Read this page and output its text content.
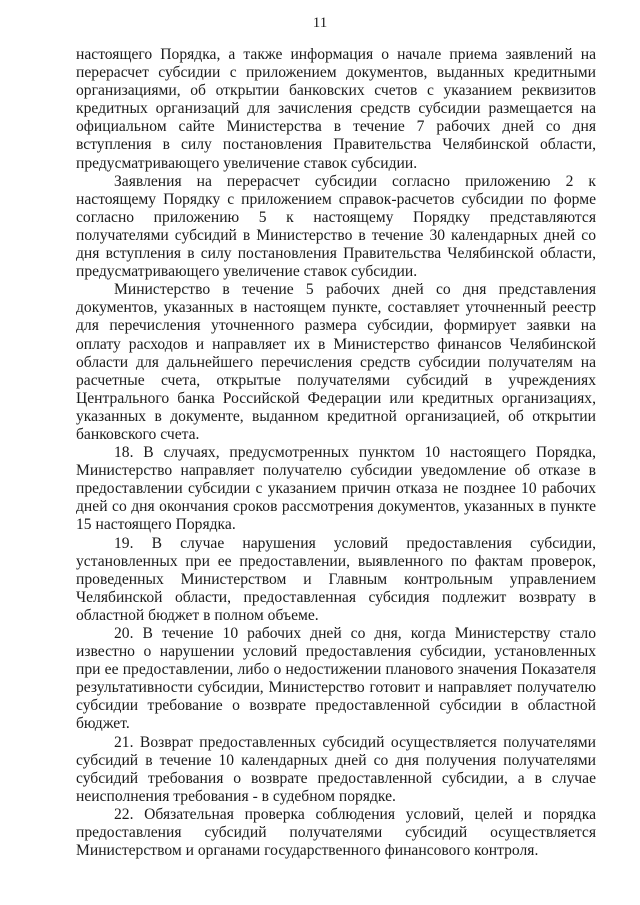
11

настоящего Порядка, а также информация о начале приема заявлений на перерасчет субсидии с приложением документов, выданных кредитными организациями, об открытии банковских счетов с указанием реквизитов кредитных организаций для зачисления средств субсидии размещается на официальном сайте Министерства в течение 7 рабочих дней со дня вступления в силу постановления Правительства Челябинской области, предусматривающего увеличение ставок субсидии.

Заявления на перерасчет субсидии согласно приложению 2 к настоящему Порядку с приложением справок-расчетов субсидии по форме согласно приложению 5 к настоящему Порядку представляются получателями субсидий в Министерство в течение 30 календарных дней со дня вступления в силу постановления Правительства Челябинской области, предусматривающего увеличение ставок субсидии.

Министерство в течение 5 рабочих дней со дня представления документов, указанных в настоящем пункте, составляет уточненный реестр для перечисления уточненного размера субсидии, формирует заявки на оплату расходов и направляет их в Министерство финансов Челябинской области для дальнейшего перечисления средств субсидии получателям на расчетные счета, открытые получателями субсидий в учреждениях Центрального банка Российской Федерации или кредитных организациях, указанных в документе, выданном кредитной организацией, об открытии банковского счета.

18. В случаях, предусмотренных пунктом 10 настоящего Порядка, Министерство направляет получателю субсидии уведомление об отказе в предоставлении субсидии с указанием причин отказа не позднее 10 рабочих дней со дня окончания сроков рассмотрения документов, указанных в пункте 15 настоящего Порядка.

19. В случае нарушения условий предоставления субсидии, установленных при ее предоставлении, выявленного по фактам проверок, проведенных Министерством и Главным контрольным управлением Челябинской области, предоставленная субсидия подлежит возврату в областной бюджет в полном объеме.

20. В течение 10 рабочих дней со дня, когда Министерству стало известно о нарушении условий предоставления субсидии, установленных при ее предоставлении, либо о недостижении планового значения Показателя результативности субсидии, Министерство готовит и направляет получателю субсидии требование о возврате предоставленной субсидии в областной бюджет.

21. Возврат предоставленных субсидий осуществляется получателями субсидий в течение 10 календарных дней со дня получения получателями субсидий требования о возврате предоставленной субсидии, а в случае неисполнения требования - в судебном порядке.

22. Обязательная проверка соблюдения условий, целей и порядка предоставления субсидий получателями субсидий осуществляется Министерством и органами государственного финансового контроля.
